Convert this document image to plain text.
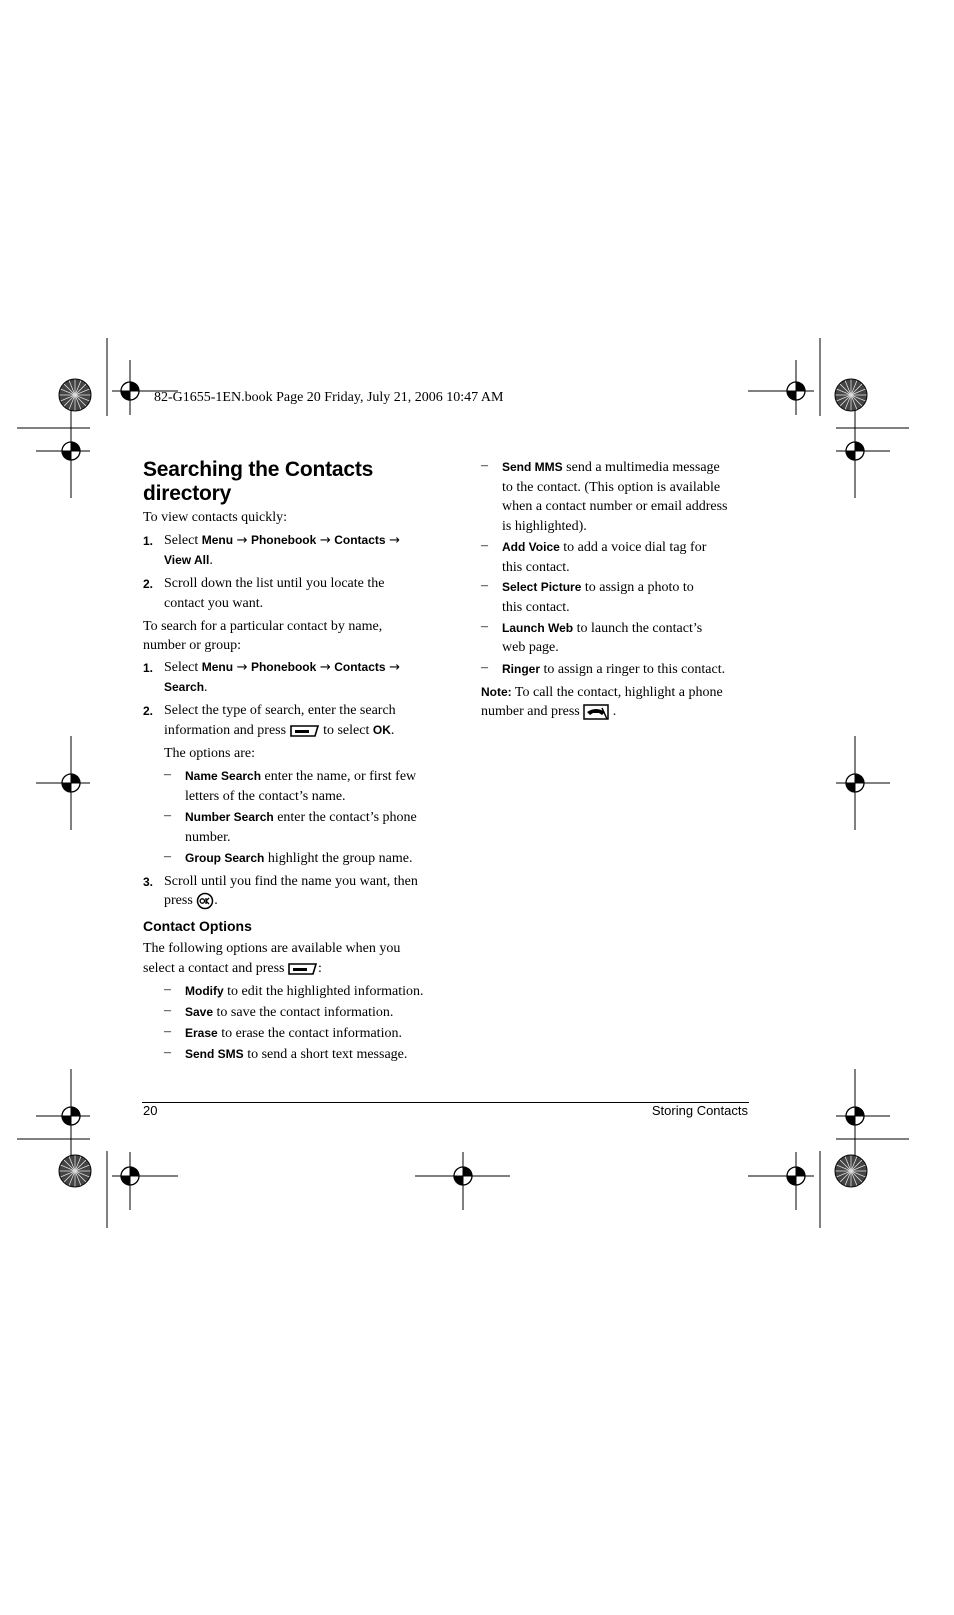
82-G1655-1EN.book Page 20 Friday, July 21, 2006 10:47 AM
Searching the Contacts
directory
To view contacts quickly:
1. Select Menu → Phonebook → Contacts →
View All.
2. Scroll down the list until you locate the
contact you want.
To search for a particular contact by name,
number or group:
1. Select Menu → Phonebook → Contacts →
Search.
2. Select the type of search, enter the search
information and press  to select OK.
The options are:
– Name Search enter the name, or first few
letters of the contact’s name.
– Number Search enter the contact’s phone
number.
– Group Search highlight the group name.
3. Scroll until you find the name you want, then
press .
Contact Options
The following options are available when you
select a contact and press :
– Modify to edit the highlighted information.
– Save to save the contact information.
– Erase to erase the contact information.
– Send SMS to send a short text message.
– Send MMS send a multimedia message
to the contact. (This option is available
when a contact number or email address
is highlighted).
– Add Voice to add a voice dial tag for
this contact.
– Select Picture to assign a photo to
this contact.
– Launch Web to launch the contact’s
web page.
– Ringer to assign a ringer to this contact.
Note: To call the contact, highlight a phone
number and press  .
20	Storing Contacts
